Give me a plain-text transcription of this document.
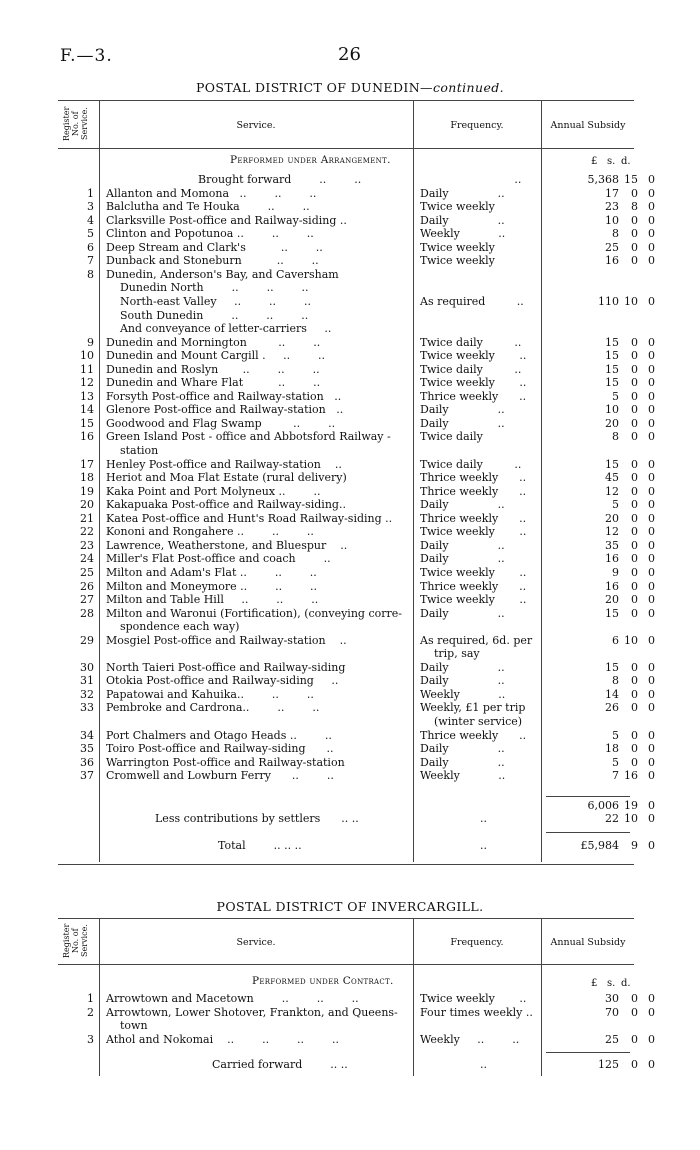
F.—3.	26
POSTAL DISTRICT OF DUNEDIN—continued.
Register No. of Service.	Service.	Frequency.	Annual Subsidy
Performed under Arrangement.	£ s. d.
Brought forward        ..        ..	..	5,368 15 0
1 Allanton and Momona   ..        ..        ..	Daily              ..	17	0 0
3 Balclutha and Te Houka        ..        ..	Twice weekly	23	8 0
4 Clarksville Post-office and Railway-siding ..	Daily              ..	10	0 0
5 Clinton and Popotunoa ..        ..        ..	Weekly           ..	8	0 0
6 Deep Stream and Clark's          ..        ..	Twice weekly	25	0 0
7 Dunback and Stoneburn          ..        ..	Twice weekly	16	0 0
8 Dunedin, Anderson's Bay, and Caversham
Dunedin North        ..        ..        ..
North-east Valley     ..        ..        ..	As required         ..	110 10 0
South Dunedin        ..        ..        ..
And conveyance of letter-carriers     ..
9 Dunedin and Mornington         ..        ..	Twice daily         ..	15	0 0
10 Dunedin and Mount Cargill .     ..        ..	Twice weekly       ..	15	0 0
11 Dunedin and Roslyn       ..        ..        ..	Twice daily         ..	15	0 0
12 Dunedin and Whare Flat          ..        ..	Twice weekly       ..	15	0 0
13 Forsyth Post-office and Railway-station   ..	Thrice weekly      ..	5	0 0
14 Glenore Post-office and Railway-station   ..	Daily              ..	10	0 0
15 Goodwood and Flag Swamp         ..        ..	Daily              ..	20	0 0
16 Green Island Post - office and Abbotsford Railway -	Twice daily	8	0 0
station
17 Henley Post-office and Railway-station    ..	Twice daily         ..	15	0 0
18 Heriot and Moa Flat Estate (rural delivery)	Thrice weekly      ..	45	0 0
19 Kaka Point and Port Molyneux ..        ..	Thrice weekly      ..	12	0 0
20 Kakapuaka Post-office and Railway-siding..	Daily              ..	5	0 0
21 Katea Post-office and Hunt's Road Railway-siding ..	Thrice weekly      ..	20	0 0
22 Kononi and Rongahere ..        ..        ..	Twice weekly       ..	12	0 0
23 Lawrence, Weatherstone, and Bluespur    ..	Daily              ..	35	0 0
24 Miller's Flat Post-office and coach        ..	Daily              ..	16	0 0
25 Milton and Adam's Flat ..        ..        ..	Twice weekly       ..	9	0 0
26 Milton and Moneymore ..        ..        ..	Thrice weekly      ..	16	0 0
27 Milton and Table Hill     ..        ..        ..	Twice weekly       ..	20	0 0
28 Milton and Waronui (Fortification), (conveying corre-	Daily              ..	15	0 0
spondence each way)
29 Mosgiel Post-office and Railway-station    ..	As required, 6d. per	6 10 0
trip, say
30 North Taieri Post-office and Railway-siding	Daily              ..	15	0 0
31 Otokia Post-office and Railway-siding     ..	Daily              ..	8	0 0
32 Papatowai and Kahuika..        ..        ..	Weekly           ..	14	0 0
33 Pembroke and Cardrona..        ..        ..	Weekly, £1 per trip	26	0 0
(winter service)
34 Port Chalmers and Otago Heads ..        ..	Thrice weekly      ..	5	0 0
35 Toiro Post-office and Railway-siding      ..	Daily              ..	18	0 0
36 Warrington Post-office and Railway-station	Daily              ..	5	0 0
37 Cromwell and Lowburn Ferry      ..        ..	Weekly           ..	7 16 0
6,006 19 0
Less contributions by settlers .. ..	..	22 10 0
Total	.. .. ..	..	£5,984	9 0
POSTAL DISTRICT OF INVERCARGILL.
Register No. of Service.	Service.	Frequency.	Annual Subsidy
Performed under Contract.	£ s. d.
1 Arrowtown and Macetown        ..        ..        ..	Twice weekly       ..	30	0 0
2 Arrowtown, Lower Shotover, Frankton, and Queens-	Four times weekly ..	70	0 0
town
3 Athol and Nokomai    ..        ..        ..        ..	Weekly     ..        ..	25	0 0
Carried forward	.. ..	..	125	0 0
